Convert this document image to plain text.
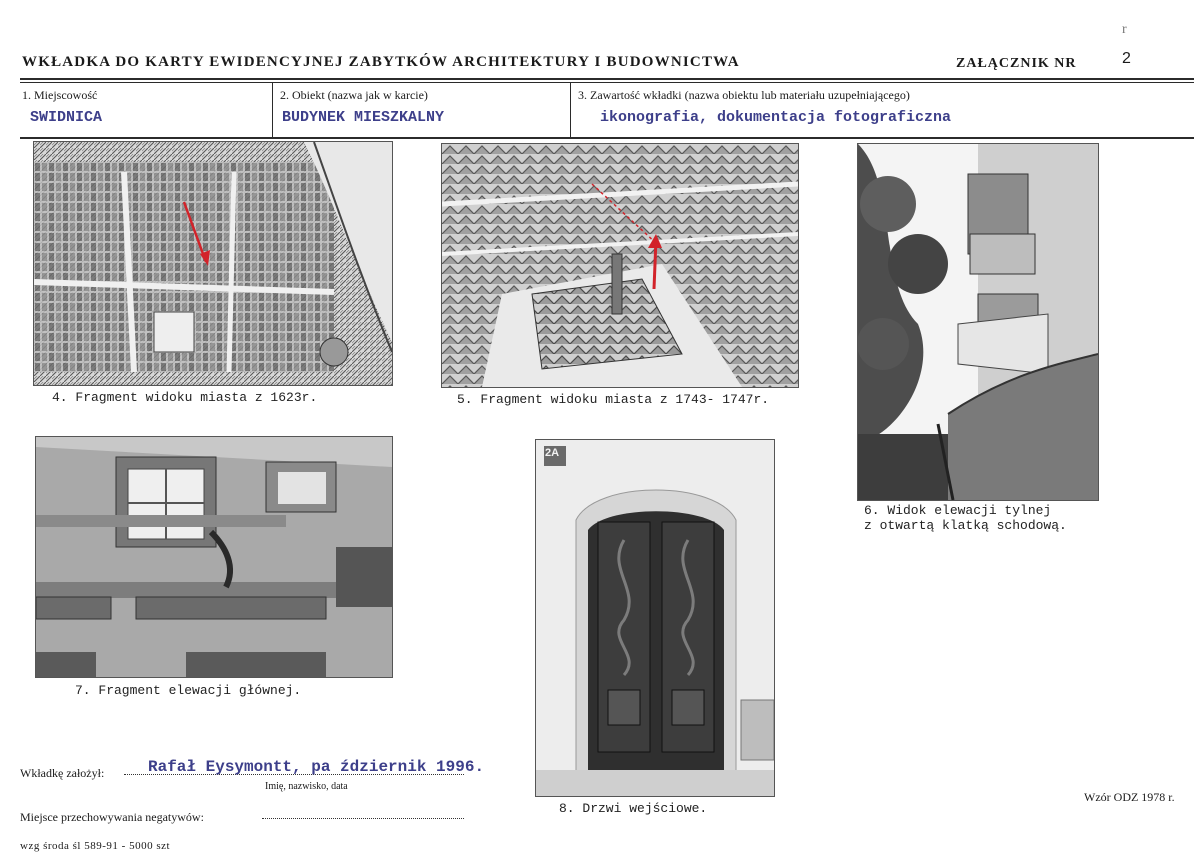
WKŁADKA DO KARTY EWIDENCYJNEJ ZABYTKÓW ARCHITEKTURY I BUDOWNICTWA	ZAŁĄCZNIK NR	2
r
1. Miejscowość
SWIDNICA
2. Obiekt (nazwa jak w karcie)
BUDYNEK MIESZKALNY
3. Zawartość wkładki (nazwa obiektu lub materiału uzupełniającego)
ikonografia, dokumentacja fotograficzna
4. Fragment widoku miasta z 1623r.	5. Fragment widoku miasta z 1743- 1747r.
6. Widok elewacji tylnej
z otwartą klatką schodową.
7. Fragment elewacji głównej.
2A
8. Drzwi wejściowe.
Wkładkę założył:	Rafał Eysymontt, pa ździernik 1996.
Imię, nazwisko, data
Miejsce przechowywania negatywów:
Wzór ODZ 1978 r.
wzg środa śl 589-91 - 5000 szt
